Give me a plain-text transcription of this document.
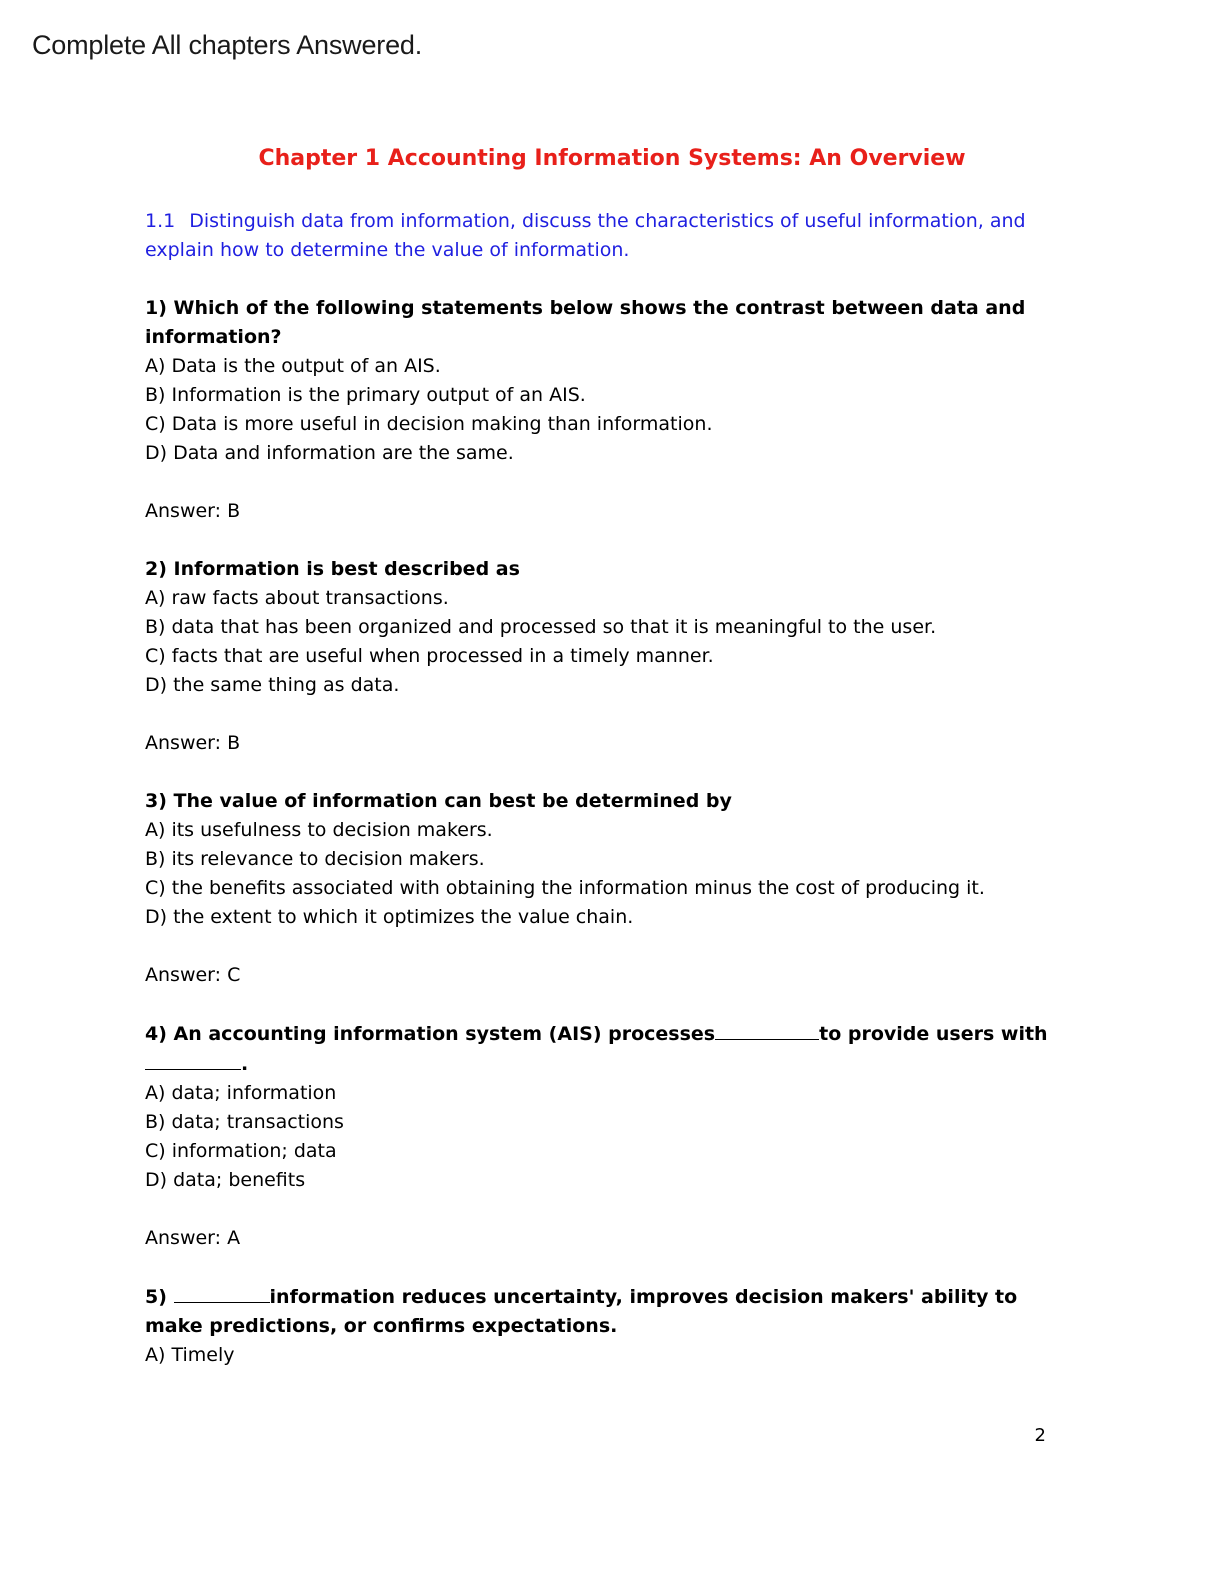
Complete All chapters Answered.
Chapter 1 Accounting Information Systems: An Overview

1.1 Distinguish data from information, discuss the characteristics of useful information, and explain how to determine the value of information.

1) Which of the following statements below shows the contrast between data and information?
A) Data is the output of an AIS.
B) Information is the primary output of an AIS.
C) Data is more useful in decision making than information.
D) Data and information are the same.
Answer: B
2) Information is best described as
A) raw facts about transactions.
B) data that has been organized and processed so that it is meaningful to the user.
C) facts that are useful when processed in a timely manner.
D) the same thing as data.
Answer: B
3) The value of information can best be determined by
A) its usefulness to decision makers.
B) its relevance to decision makers.
C) the benefits associated with obtaining the information minus the cost of producing it.
D) the extent to which it optimizes the value chain.
Answer: C
4) An accounting information system (AIS) processes	to provide users with
.
A) data; information
B) data; transactions
C) information; data
D) data; benefits
Answer: A
5)	information reduces uncertainty, improves decision makers' ability to make predictions, or confirms expectations.
A) Timely
2
